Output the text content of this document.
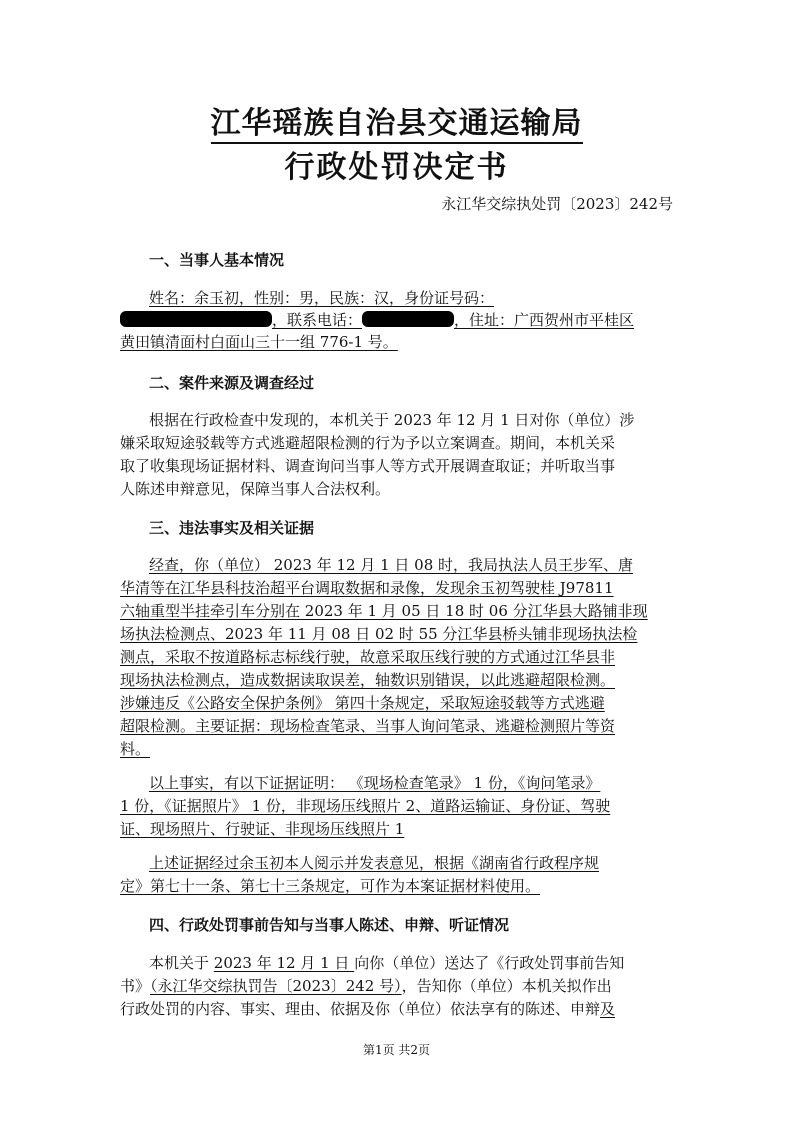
江华瑶族自治县交通运输局
行政处罚决定书
永江华交综执处罚〔2023〕242号
一、当事人基本情况
姓名：余玉初，性别：男，民族：汉，身份证号码：
，联系电话：	，住址：广西贺州市平桂区
黄田镇清面村白面山三十一组 776-1 号。
二、案件来源及调查经过
根据在行政检查中发现的，本机关于 2023 年 12 月 1 日对你（单位）涉
嫌采取短途驳载等方式逃避超限检测的行为予以立案调查。期间，本机关采
取了收集现场证据材料、调查询问当事人等方式开展调查取证；并听取当事
人陈述申辩意见，保障当事人合法权利。
三、违法事实及相关证据
经查，你（单位） 2023 年 12 月 1 日 08 时，我局执法人员王步军、唐
华清等在江华县科技治超平台调取数据和录像，发现余玉初驾驶桂 J97811
六轴重型半挂牵引车分别在 2023 年 1 月 05 日 18 时 06 分江华县大路铺非现
场执法检测点、2023 年 11 月 08 日 02 时 55 分江华县桥头铺非现场执法检
测点，采取不按道路标志标线行驶，故意采取压线行驶的方式通过江华县非
现场执法检测点，造成数据读取误差，轴数识别错误，以此逃避超限检测。
涉嫌违反《公路安全保护条例》 第四十条规定，采取短途驳载等方式逃避
超限检测。主要证据：现场检查笔录、当事人询问笔录、逃避检测照片等资
料。
以上事实，有以下证据证明： 《现场检查笔录》 1 份，《询问笔录》
1 份，《证据照片》 1 份，非现场压线照片 2、道路运输证、身份证、驾驶
证、现场照片、行驶证、非现场压线照片 1
上述证据经过余玉初本人阅示并发表意见，根据《湖南省行政程序规
定》第七十一条、第七十三条规定，可作为本案证据材料使用。
四、行政处罚事前告知与当事人陈述、申辩、听证情况
本机关于 2023 年 12 月 1 日 向你（单位）送达了《行政处罚事前告知
书》（永江华交综执罚告〔2023〕242 号），告知你（单位）本机关拟作出
行政处罚的内容、事实、理由、依据及你（单位）依法享有的陈述、申辩及
第1页 共2页
